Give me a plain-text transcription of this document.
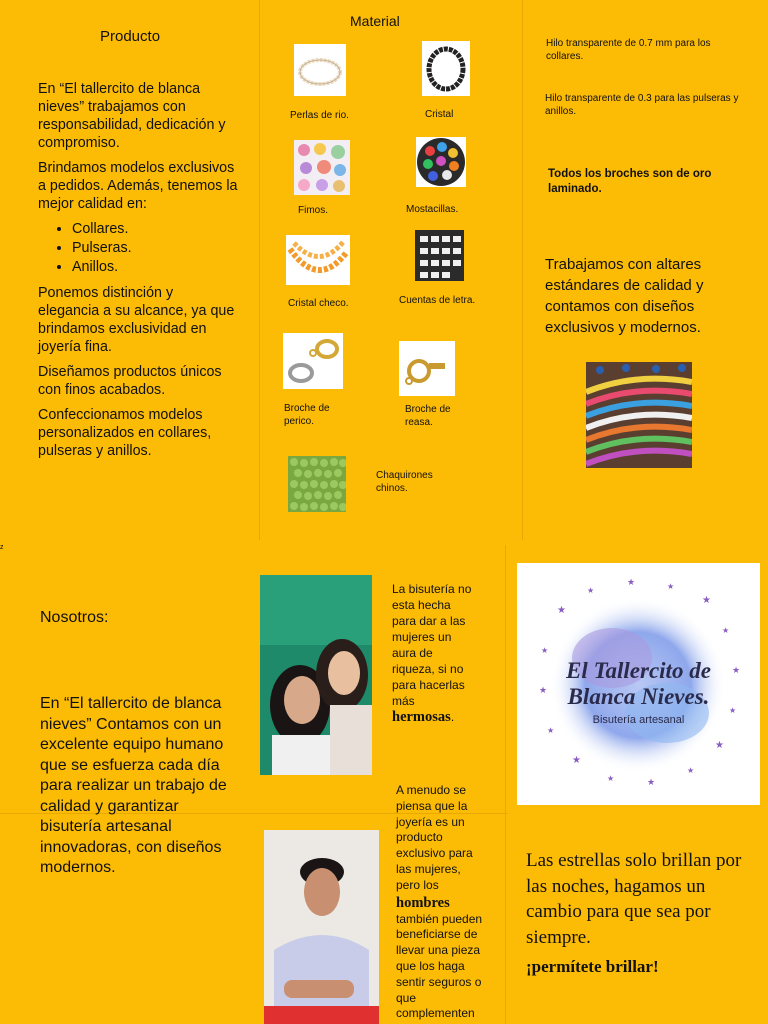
Producto

En “El tallercito de blanca nieves” trabajamos con responsabilidad, dedicación y compromiso.

Brindamos modelos exclusivos a pedidos. Además, tenemos la mejor calidad en:

• Collares.
• Pulseras.
• Anillos.

Ponemos distinción y elegancia a su alcance, ya que brindamos exclusividad en joyería fina.

Diseñamos productos únicos con finos acabados.

Confeccionamos modelos personalizados en collares, pulseras y anillos.

Material
Perlas de rio.	Cristal
Fimos.	Mostacillas.
Cristal checo.	Cuentas de letra.
Broche de perico.
Broche de reasa.
Chaquirones chinos.
Hilo transparente de 0.7 mm para los collares.
Hilo transparente de 0.3 para las pulseras y anillos.
Todos los broches son de oro laminado.
Trabajamos con altares estándares de calidad y contamos con diseños exclusivos y modernos.
z
Nosotros:
En “El tallercito de blanca nieves” Contamos con un excelente equipo humano que se esfuerza cada día para realizar un trabajo de calidad y garantizar bisutería artesanal innovadoras, con diseños modernos.
La bisutería no esta hecha para dar a las mujeres un aura de riqueza, si no para hacerlas más hermosas.
A menudo se piensa que la joyería es un producto exclusivo para las mujeres, pero los
hombres
también pueden beneficiarse de llevar una pieza que los haga sentir seguros o que complementen
★
★
★	★
★
★
★
★
★
★
★
★
★
★
★
★
El Tallercito de
Blanca Nieves.
Bisutería artesanal
Las estrellas solo brillan por las noches, hagamos un cambio para que sea por siempre.
¡permítete brillar!
